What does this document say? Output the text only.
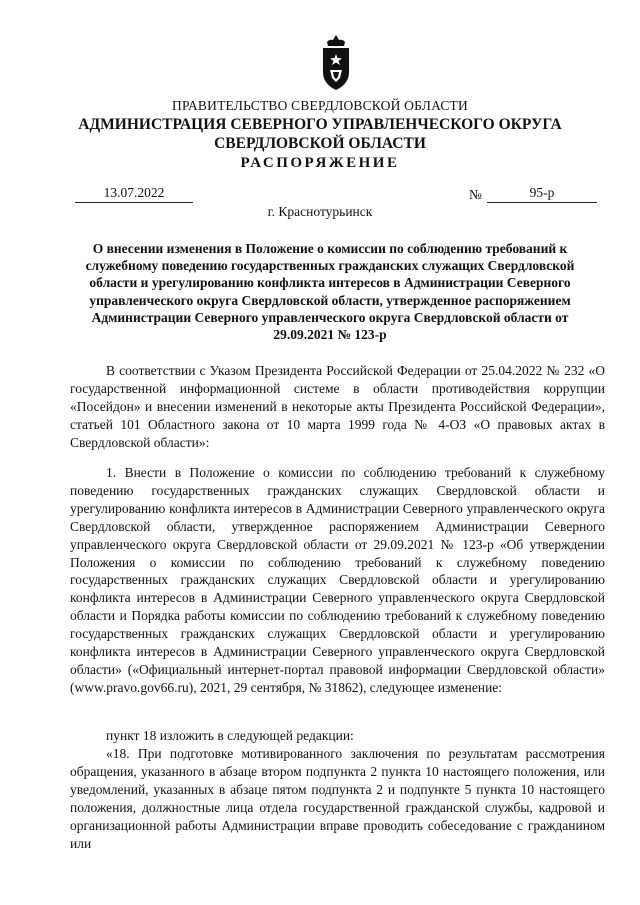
ПРАВИТЕЛЬСТВО СВЕРДЛОВСКОЙ ОБЛАСТИ
АДМИНИСТРАЦИЯ СЕВЕРНОГО УПРАВЛЕНЧЕСКОГО ОКРУГА СВЕРДЛОВСКОЙ ОБЛАСТИ
РАСПОРЯЖЕНИЕ
13.07.2022	№	95-р
г. Краснотурьинск
О внесении изменения в Положение о комиссии по соблюдению требований к служебному поведению государственных гражданских служащих Свердловской области и урегулированию конфликта интересов в Администрации Северного управленческого округа Свердловской области, утвержденное распоряжением Администрации Северного управленческого округа Свердловской области от 29.09.2021 № 123-р

В соответствии с Указом Президента Российской Федерации от 25.04.2022 № 232 «О государственной информационной системе в области противодействия коррупции «Посейдон» и внесении изменений в некоторые акты Президента Российской Федерации», статьей 101 Областного закона от 10 марта 1999 года № 4-ОЗ «О правовых актах в Свердловской области»:

1. Внести в Положение о комиссии по соблюдению требований к служебному поведению государственных гражданских служащих Свердловской области и урегулированию конфликта интересов в Администрации Северного управленческого округа Свердловской области, утвержденное распоряжением Администрации Северного управленческого округа Свердловской области от 29.09.2021 № 123-р «Об утверждении Положения о комиссии по соблюдению требований к служебному поведению государственных гражданских служащих Свердловской области и урегулированию конфликта интересов в Администрации Северного управленческого округа Свердловской области и Порядка работы комиссии по соблюдению требований к служебному поведению государственных гражданских служащих Свердловской области и урегулированию конфликта интересов в Администрации Северного управленческого округа Свердловской области» («Официальный интернет-портал правовой информации Свердловской области» (www.pravo.gov66.ru), 2021, 29 сентября, № 31862), следующее изменение:

пункт 18 изложить в следующей редакции:

«18. При подготовке мотивированного заключения по результатам рассмотрения обращения, указанного в абзаце втором подпункта 2 пункта 10 настоящего положения, или уведомлений, указанных в абзаце пятом подпункта 2 и подпункте 5 пункта 10 настоящего положения, должностные лица отдела государственной гражданской службы, кадровой и организационной работы Администрации вправе проводить собеседование с гражданином или
